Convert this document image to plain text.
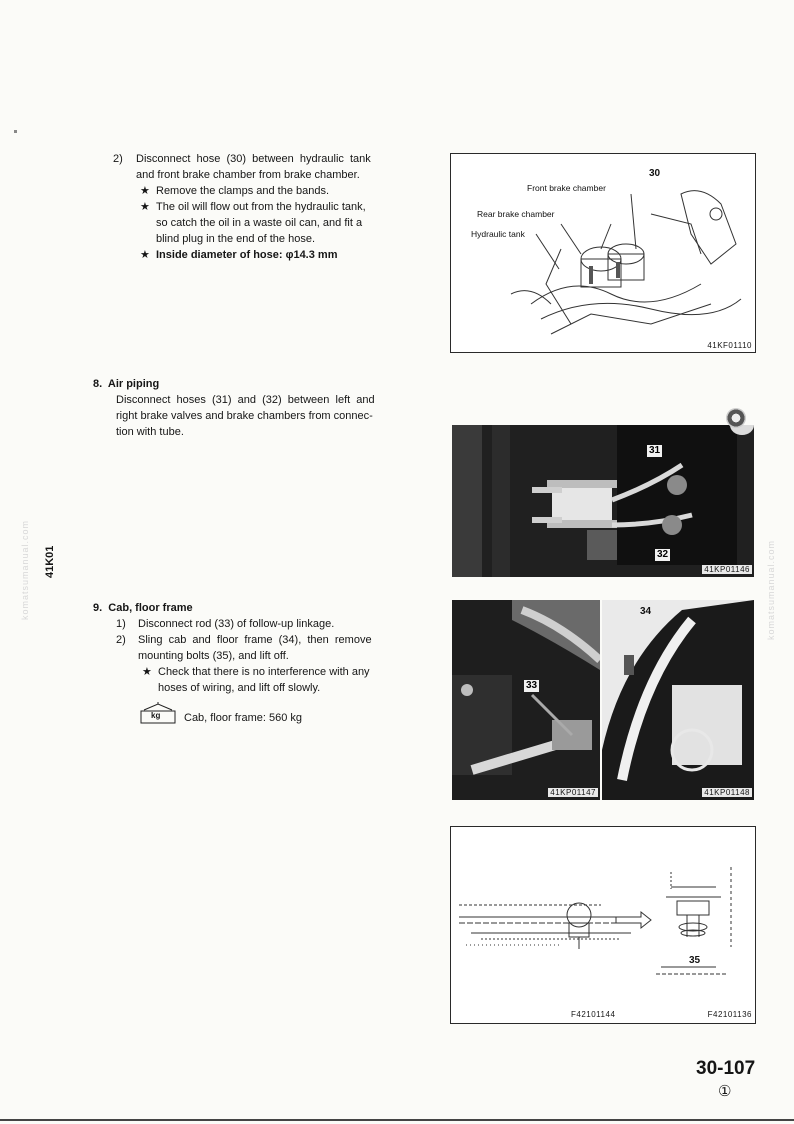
41K01
komatsumanual.com	komatsumanual.com
2) Disconnect  hose  (30)  between  hydraulic  tank
and front brake chamber from brake chamber.
★ Remove the clamps and the bands.
★ The oil will flow out from the hydraulic tank,
so catch the oil in a waste oil can, and fit a
blind plug in the end of the hose.
★ Inside diameter of hose: φ14.3 mm
30
Front brake chamber
Rear brake chamber
Hydraulic tank
41KF01110
8.  Air piping
Disconnect  hoses  (31)  and  (32)  between  left  and
right brake valves and brake chambers from connec-
tion with tube.
31
32
41KP01146
9.  Cab, floor frame
1) Disconnect rod (33) of follow-up linkage.
2) Sling  cab  and  floor  frame  (34),  then  remove
mounting bolts (35), and lift off.
★ Check that there is no interference with any
hoses of wiring, and lift off slowly.
kg Cab, floor frame: 560 kg
33
41KP01147
34
41KP01148
35
F42101144	F42101136
30-107
①
